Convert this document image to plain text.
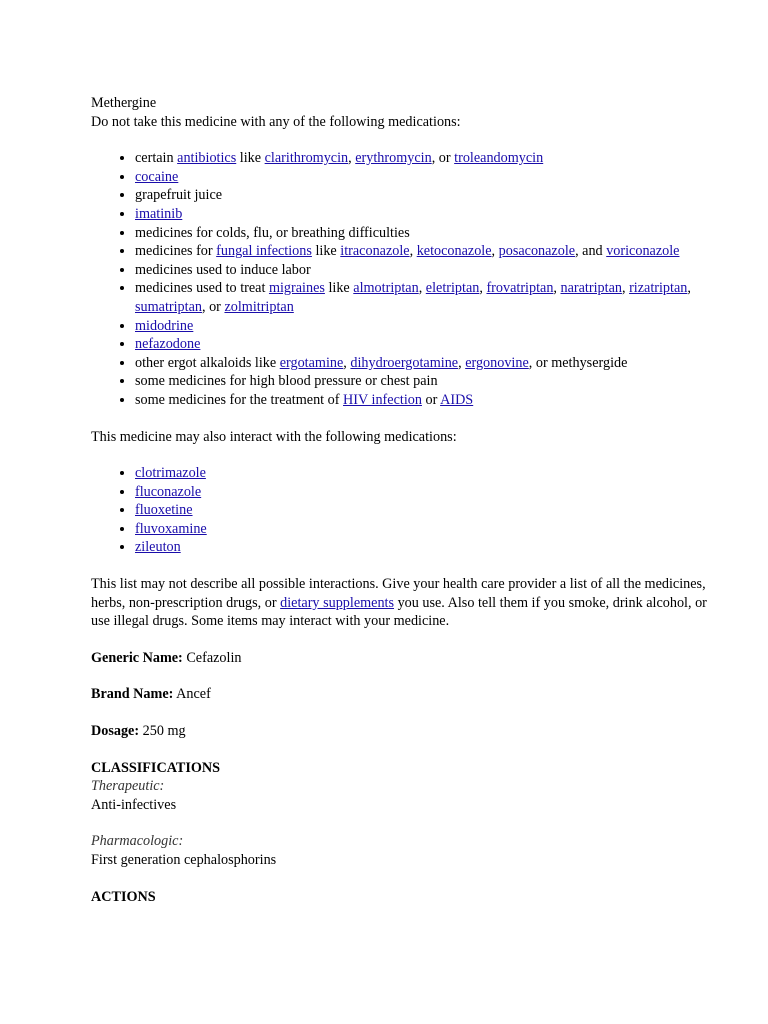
Methergine

Do not take this medicine with any of the following medications:

• certain antibiotics like clarithromycin, erythromycin, or troleandomycin
• cocaine
• grapefruit juice
• imatinib
• medicines for colds, flu, or breathing difficulties
• medicines for fungal infections like itraconazole, ketoconazole, posaconazole, and voriconazole
• medicines used to induce labor
• medicines used to treat migraines like almotriptan, eletriptan, frovatriptan, naratriptan, rizatriptan, sumatriptan, or zolmitriptan
• midodrine
• nefazodone
• other ergot alkaloids like ergotamine, dihydroergotamine, ergonovine, or methysergide
• some medicines for high blood pressure or chest pain
• some medicines for the treatment of HIV infection or AIDS

This medicine may also interact with the following medications:

• clotrimazole
• fluconazole
• fluoxetine
• fluvoxamine
• zileuton

This list may not describe all possible interactions. Give your health care provider a list of all the medicines, herbs, non-prescription drugs, or dietary supplements you use. Also tell them if you smoke, drink alcohol, or use illegal drugs. Some items may interact with your medicine.

Generic Name: Cefazolin

Brand Name: Ancef

Dosage: 250 mg

CLASSIFICATIONS

Therapeutic:

Anti-infectives

Pharmacologic:

First generation cephalosphorins

ACTIONS
